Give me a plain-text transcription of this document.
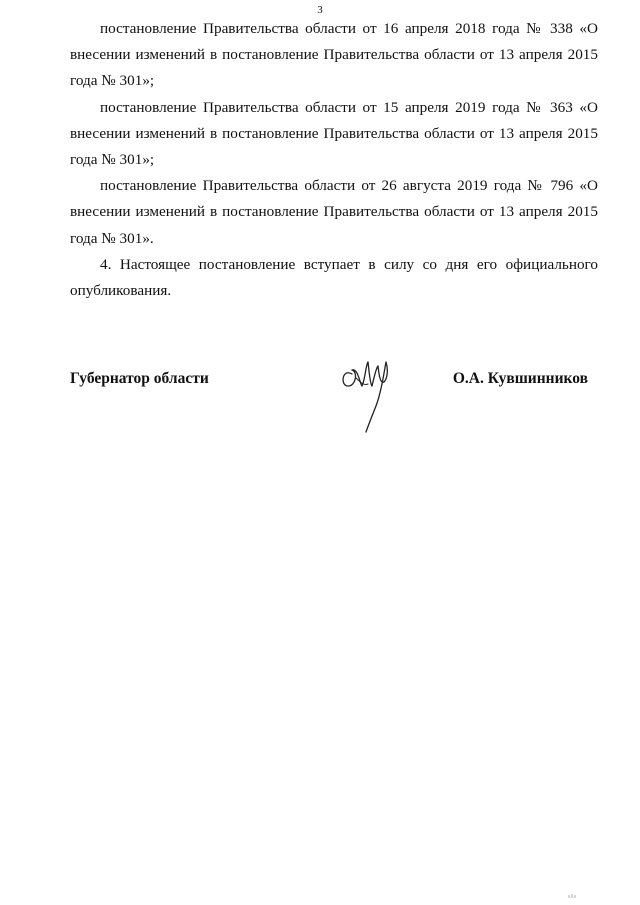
3

постановление Правительства области от 16 апреля 2018 года № 338 «О внесении изменений в постановление Правительства области от 13 апреля 2015 года № 301»;

постановление Правительства области от 15 апреля 2019 года № 363 «О внесении изменений в постановление Правительства области от 13 апреля 2015 года № 301»;

постановление Правительства области от 26 августа 2019 года № 796 «О внесении изменений в постановление Правительства области от 13 апреля 2015 года № 301».

4. Настоящее постановление вступает в силу со дня его официального опубликования.

Губернатор области	О.А. Кувшинников
